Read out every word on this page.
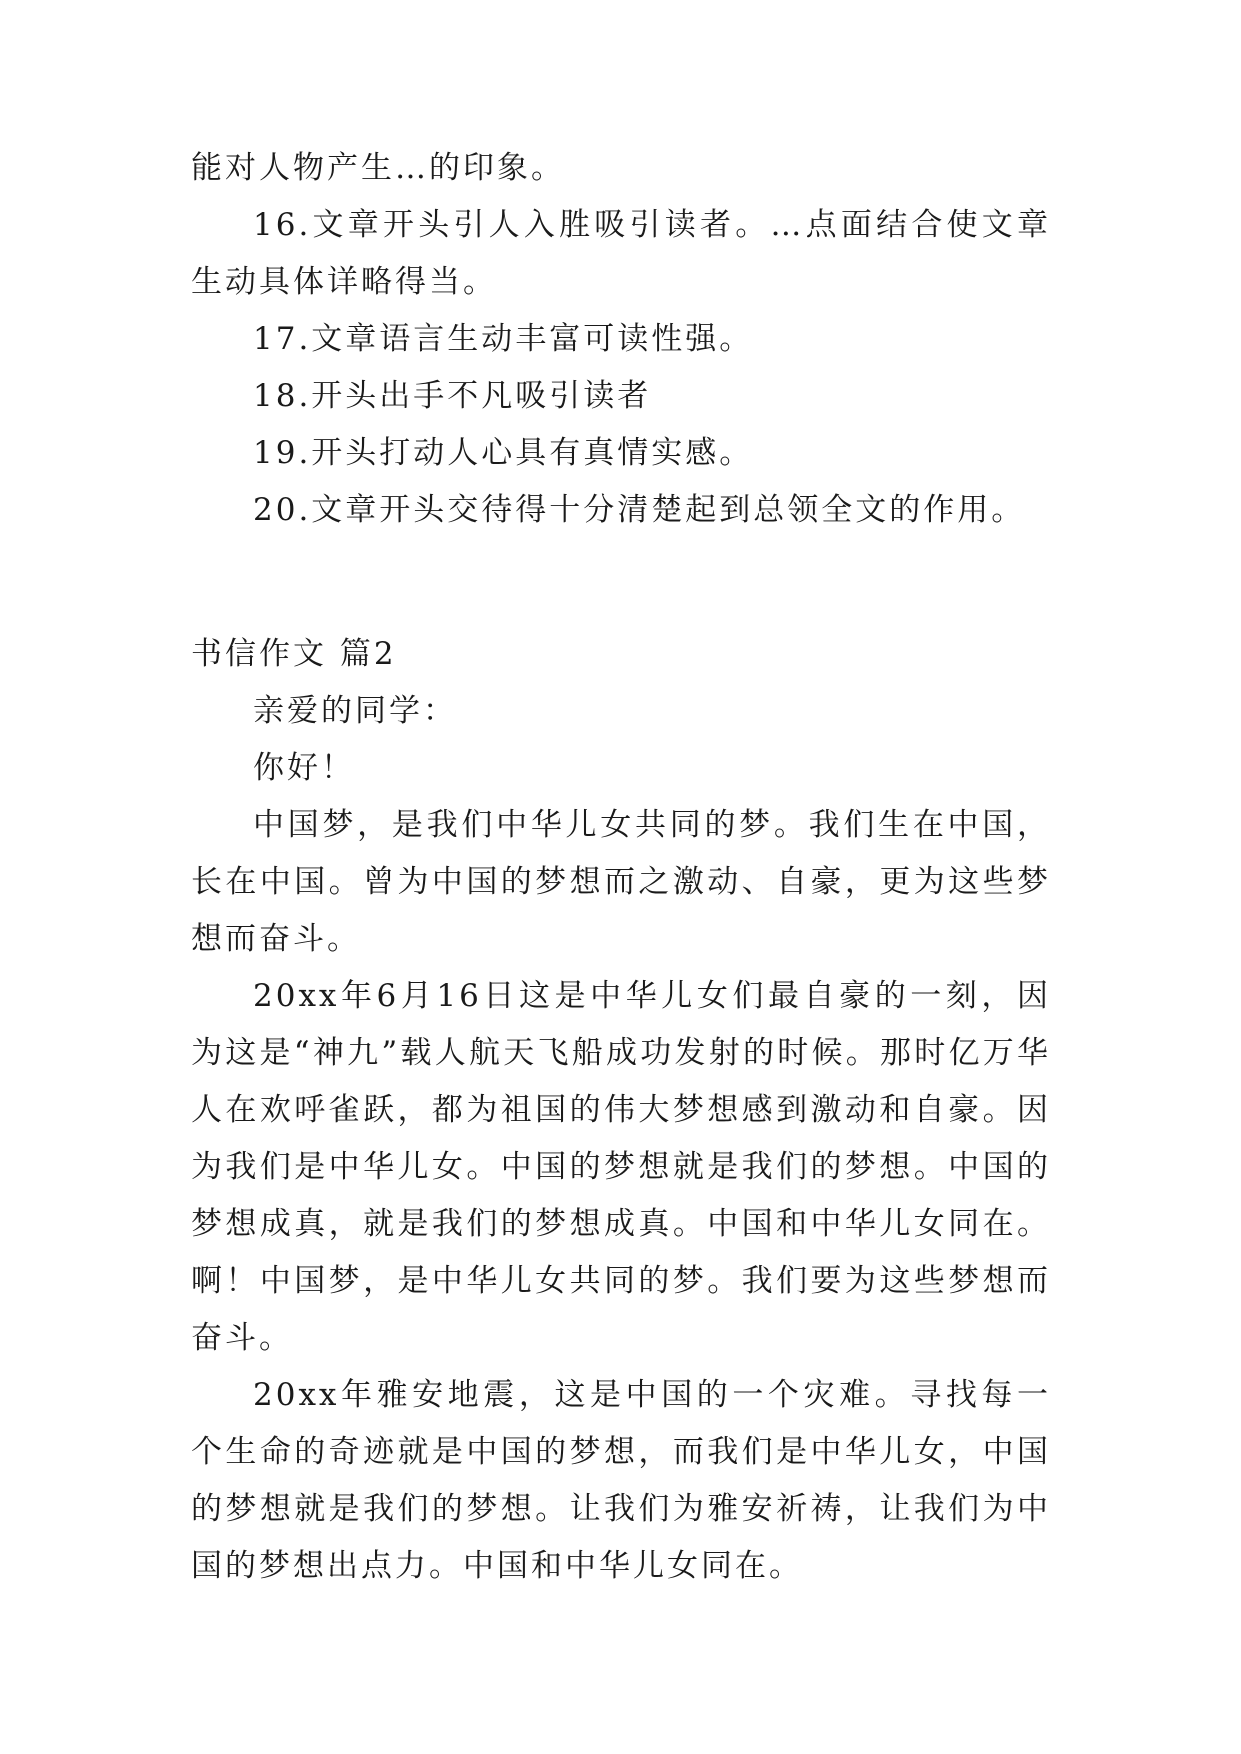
能对人物产生…的印象。

16.文章开头引人入胜吸引读者。…点面结合使文章生动具体详略得当。

17.文章语言生动丰富可读性强。

18.开头出手不凡吸引读者

19.开头打动人心具有真情实感。

20.文章开头交待得十分清楚起到总领全文的作用。

书信作文 篇2

亲爱的同学：

你好！

中国梦，是我们中华儿女共同的梦。我们生在中国，长在中国。曾为中国的梦想而之激动、自豪，更为这些梦想而奋斗。

20xx年6月16日这是中华儿女们最自豪的一刻，因为这是“神九”载人航天飞船成功发射的时候。那时亿万华人在欢呼雀跃，都为祖国的伟大梦想感到激动和自豪。因为我们是中华儿女。中国的梦想就是我们的梦想。中国的梦想成真，就是我们的梦想成真。中国和中华儿女同在。啊！中国梦，是中华儿女共同的梦。我们要为这些梦想而奋斗。

20xx年雅安地震，这是中国的一个灾难。寻找每一个生命的奇迹就是中国的梦想，而我们是中华儿女，中国的梦想就是我们的梦想。让我们为雅安祈祷，让我们为中国的梦想出点力。中国和中华儿女同在。
